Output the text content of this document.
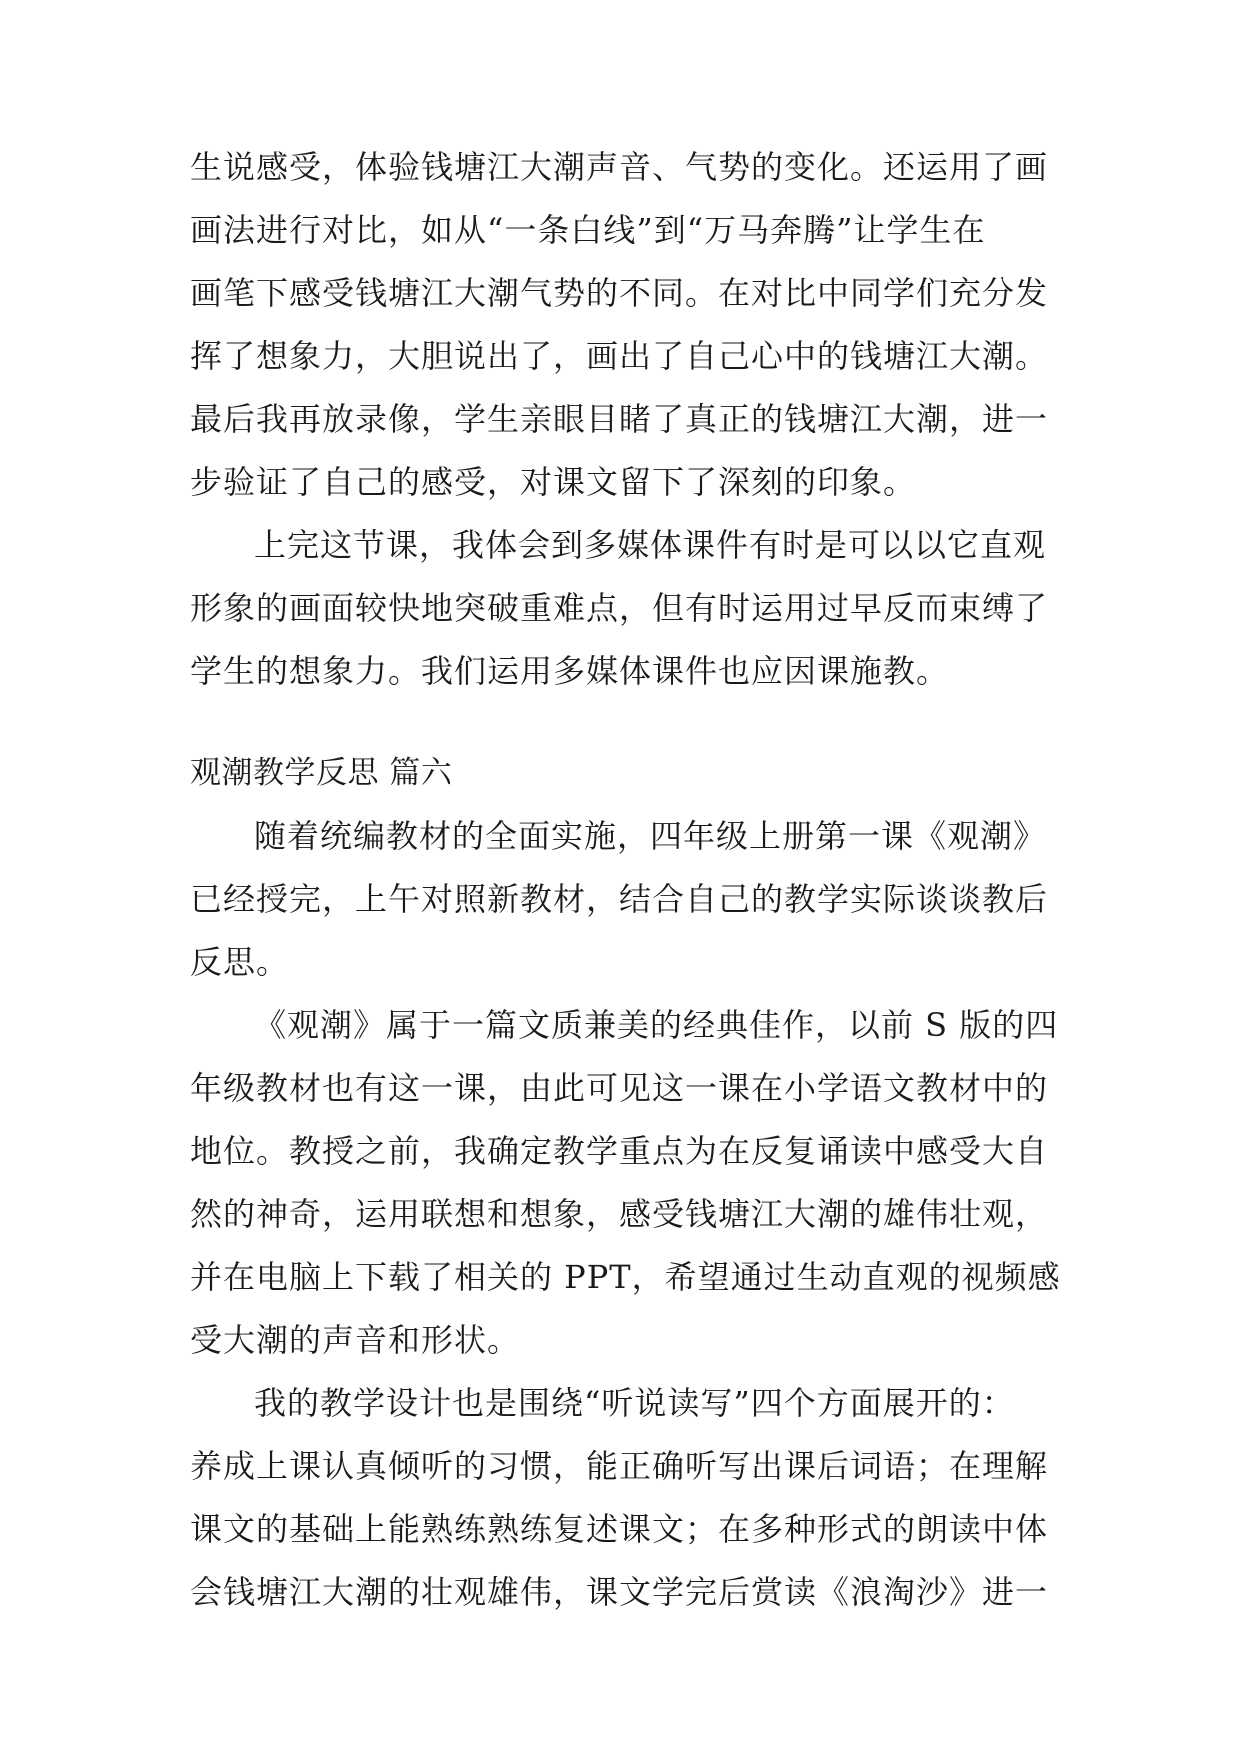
生说感受，体验钱塘江大潮声音、气势的变化。还运用了画
画法进行对比，如从“一条白线”到“万马奔腾”让学生在
画笔下感受钱塘江大潮气势的不同。在对比中同学们充分发
挥了想象力，大胆说出了，画出了自己心中的钱塘江大潮。
最后我再放录像，学生亲眼目睹了真正的钱塘江大潮，进一
步验证了自己的感受，对课文留下了深刻的印象。
上完这节课，我体会到多媒体课件有时是可以以它直观
形象的画面较快地突破重难点，但有时运用过早反而束缚了
学生的想象力。我们运用多媒体课件也应因课施教。
观潮教学反思 篇六
随着统编教材的全面实施，四年级上册第一课《观潮》
已经授完，上午对照新教材，结合自己的教学实际谈谈教后
反思。
《观潮》属于一篇文质兼美的经典佳作，以前 S 版的四
年级教材也有这一课，由此可见这一课在小学语文教材中的
地位。教授之前，我确定教学重点为在反复诵读中感受大自
然的神奇，运用联想和想象，感受钱塘江大潮的雄伟壮观，
并在电脑上下载了相关的 PPT，希望通过生动直观的视频感
受大潮的声音和形状。
我的教学设计也是围绕“听说读写”四个方面展开的：
养成上课认真倾听的习惯，能正确听写出课后词语；在理解
课文的基础上能熟练熟练复述课文；在多种形式的朗读中体
会钱塘江大潮的壮观雄伟，课文学完后赏读《浪淘沙》进一
